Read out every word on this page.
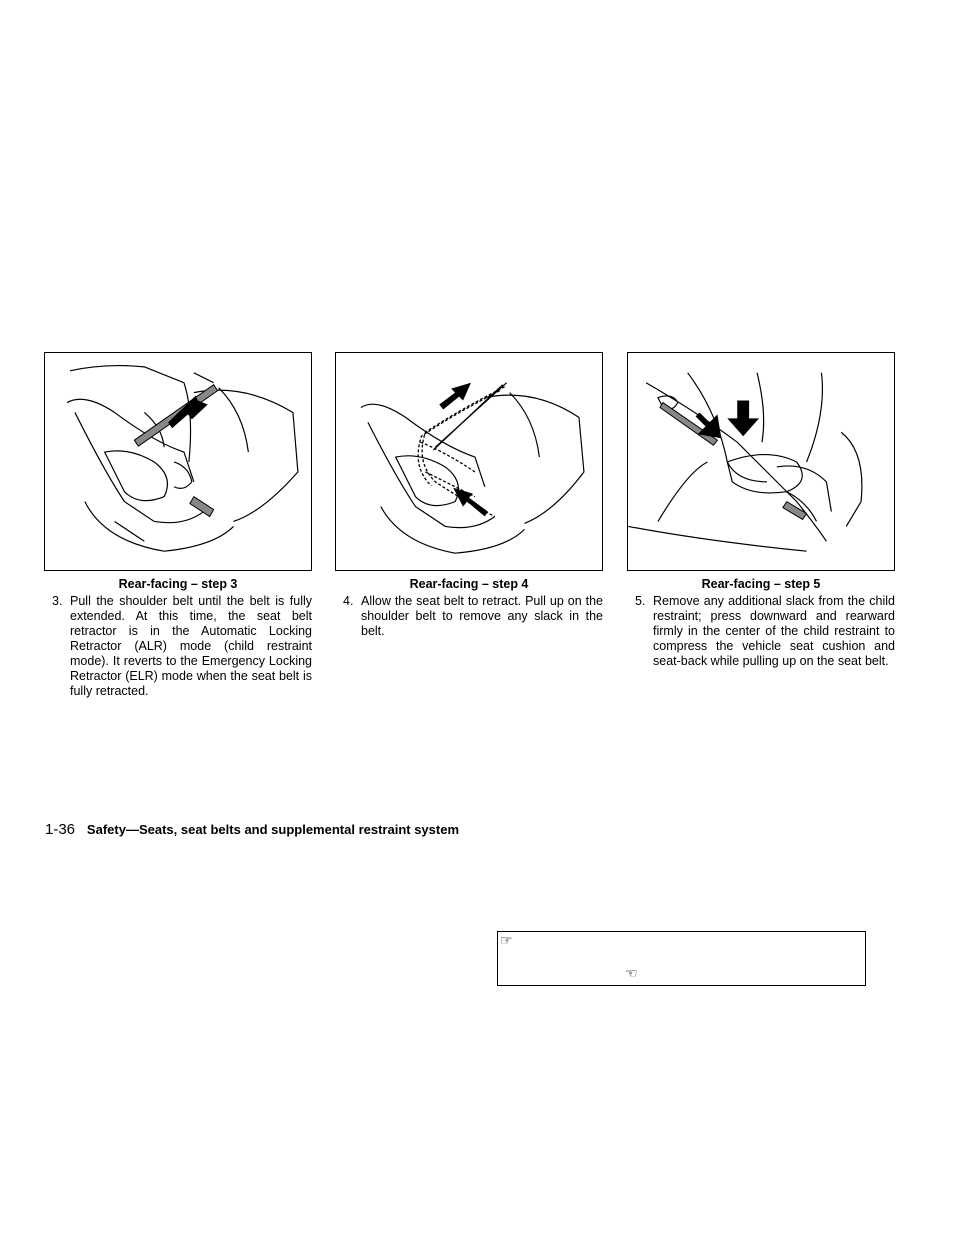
Rear-facing – step 3
3. Pull the shoulder belt until the belt is fully extended. At this time, the seat belt retractor is in the Automatic Locking Retractor (ALR) mode (child restraint mode). It reverts to the Emergency Locking Retractor (ELR) mode when the seat belt is fully retracted.
Rear-facing – step 4
4. Allow the seat belt to retract. Pull up on the shoulder belt to remove any slack in the belt.
Rear-facing – step 5
5. Remove any additional slack from the child restraint; press downward and rearward firmly in the center of the child restraint to compress the vehicle seat cushion and seat-back while pulling up on the seat belt.
1-36 Safety—Seats, seat belts and supplemental restraint system
☞
☜
